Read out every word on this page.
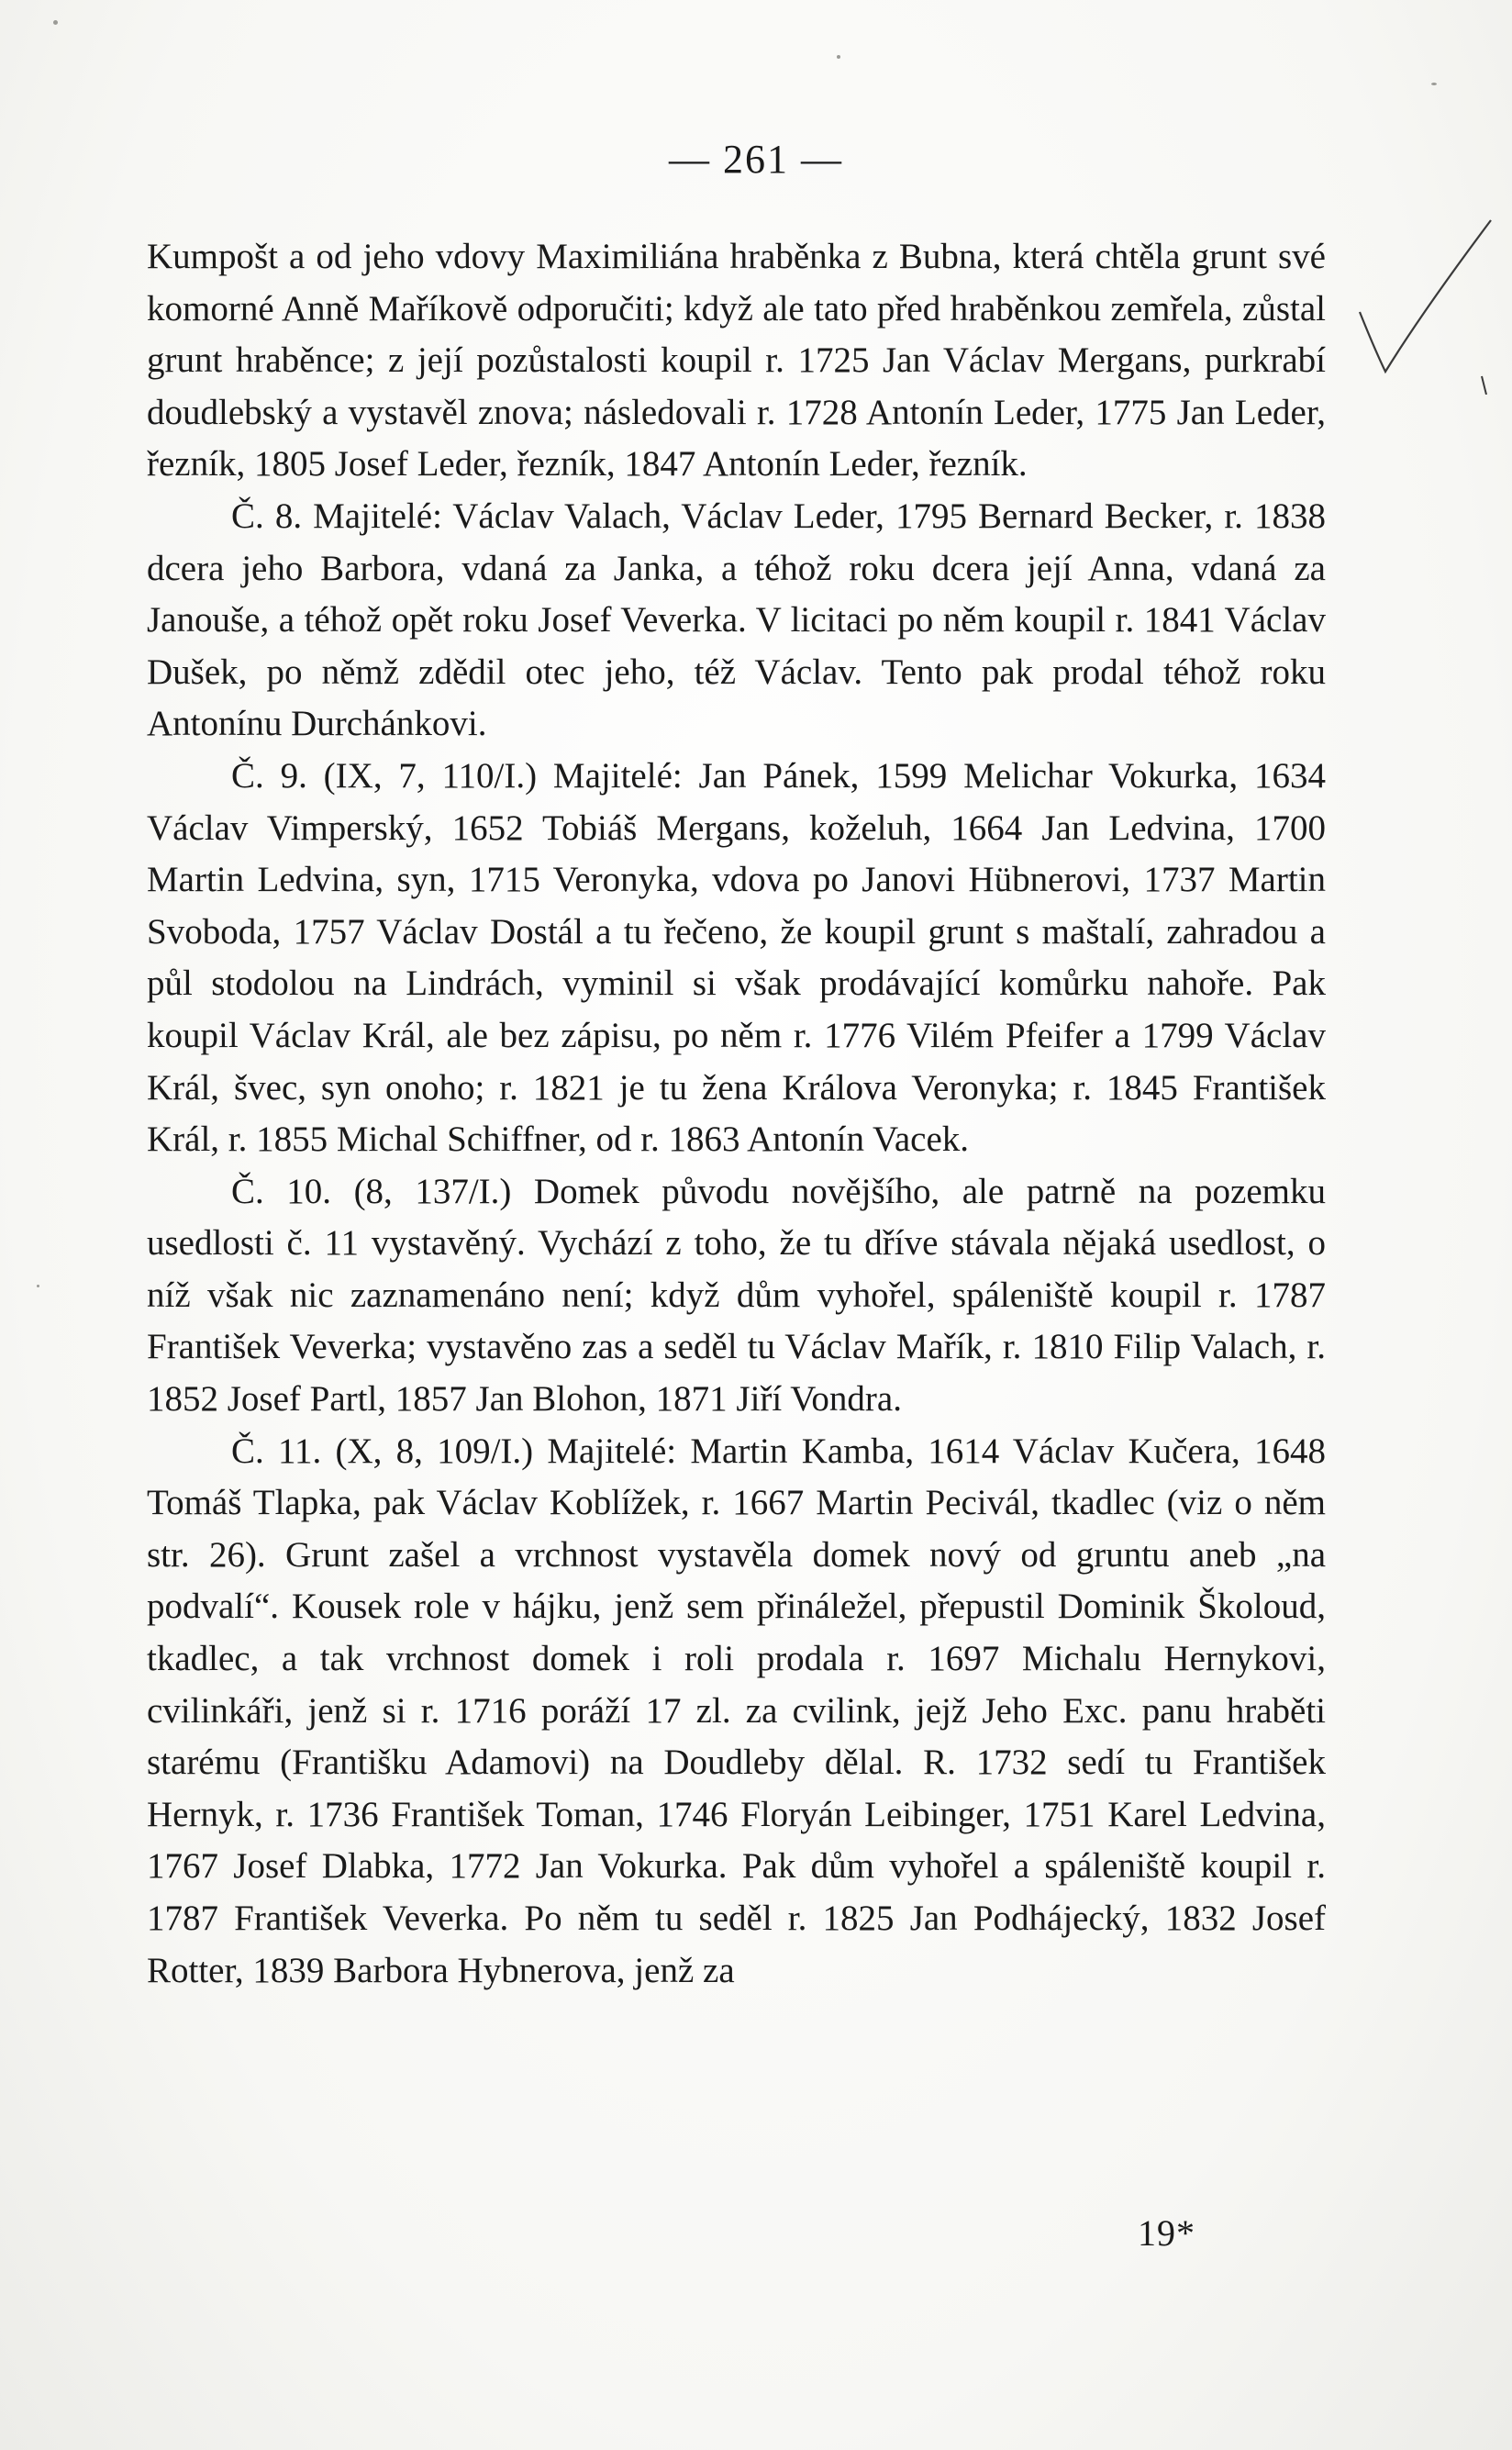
— 261 —

Kumpošt a od jeho vdovy Maximiliána hraběnka z Bubna, která chtěla grunt své komorné Anně Maříkově odporučiti; když ale tato před hraběnkou zemřela, zůstal grunt hraběnce; z její pozůstalosti koupil r. 1725 Jan Václav Mergans, purkrabí doudlebský a vystavěl znova; následovali r. 1728 Antonín Leder, 1775 Jan Leder, řezník, 1805 Josef Leder, řezník, 1847 Antonín Leder, řezník.

Č. 8. Majitelé: Václav Valach, Václav Leder, 1795 Bernard Becker, r. 1838 dcera jeho Barbora, vdaná za Janka, a téhož roku dcera její Anna, vdaná za Janouše, a téhož opět roku Josef Veverka. V licitaci po něm koupil r. 1841 Václav Dušek, po němž zdědil otec jeho, též Václav. Tento pak prodal téhož roku Antonínu Durchánkovi.

Č. 9. (IX, 7, 110/I.) Majitelé: Jan Pánek, 1599 Melichar Vokurka, 1634 Václav Vimperský, 1652 Tobiáš Mergans, koželuh, 1664 Jan Ledvina, 1700 Martin Ledvina, syn, 1715 Veronyka, vdova po Janovi Hübnerovi, 1737 Martin Svoboda, 1757 Václav Dostál a tu řečeno, že koupil grunt s maštalí, zahradou a půl stodolou na Lindrách, vyminil si však prodávající komůrku nahoře. Pak koupil Václav Král, ale bez zápisu, po něm r. 1776 Vilém Pfeifer a 1799 Václav Král, švec, syn onoho; r. 1821 je tu žena Králova Veronyka; r. 1845 František Král, r. 1855 Michal Schiffner, od r. 1863 Antonín Vacek.

Č. 10. (8, 137/I.) Domek původu novějšího, ale patrně na pozemku usedlosti č. 11 vystavěný. Vychází z toho, že tu dříve stávala nějaká usedlost, o níž však nic zaznamenáno není; když dům vyhořel, spáleniště koupil r. 1787 František Veverka; vystavěno zas a seděl tu Václav Mařík, r. 1810 Filip Valach, r. 1852 Josef Partl, 1857 Jan Blohon, 1871 Jiří Vondra.

Č. 11. (X, 8, 109/I.) Majitelé: Martin Kamba, 1614 Václav Kučera, 1648 Tomáš Tlapka, pak Václav Koblížek, r. 1667 Martin Pecivál, tkadlec (viz o něm str. 26). Grunt zašel a vrchnost vystavěla domek nový od gruntu aneb „na podvalí“. Kousek role v hájku, jenž sem přináležel, přepustil Dominik Školoud, tkadlec, a tak vrchnost domek i roli prodala r. 1697 Michalu Hernykovi, cvilinkáři, jenž si r. 1716 poráží 17 zl. za cvilink, jejž Jeho Exc. panu hraběti starému (Františku Adamovi) na Doudleby dělal. R. 1732 sedí tu František Hernyk, r. 1736 František Toman, 1746 Floryán Leibinger, 1751 Karel Ledvina, 1767 Josef Dlabka, 1772 Jan Vokurka. Pak dům vyhořel a spáleniště koupil r. 1787 František Veverka. Po něm tu seděl r. 1825 Jan Podhájecký, 1832 Josef Rotter, 1839 Barbora Hybnerova, jenž za

19*
